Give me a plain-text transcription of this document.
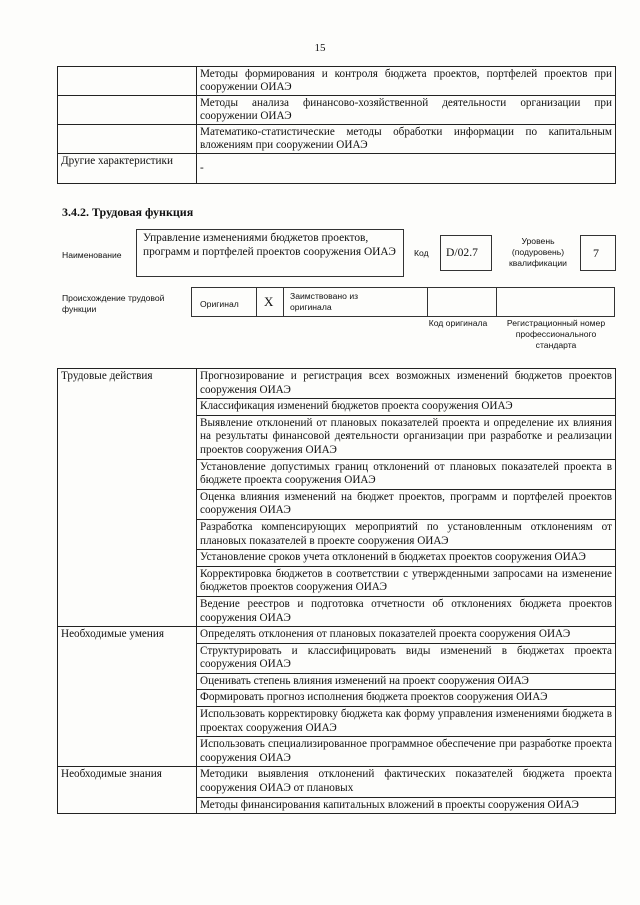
15
	Методы формирования и контроля бюджета проектов, портфелей проектов при сооружении ОИАЭ
	Методы анализа финансово-хозяйственной деятельности организации при сооружении ОИАЭ
	Математико-статистические методы обработки информации по капитальным вложениям при сооружении ОИАЭ
Другие характеристики	-
3.4.2. Трудовая функция
Наименование
Управление изменениями бюджетов проектов, программ и портфелей проектов сооружения ОИАЭ	Код	D/02.7
Уровень (подуровень) квалификации
7
Происхождение трудовой функции	Оригинал X Заимствовано из оригинала
Код оригинала	Регистрационный номер профессионального стандарта
Трудовые действия	Прогнозирование и регистрация всех возможных изменений бюджетов проектов сооружения ОИАЭ
	Классификация изменений бюджетов проекта сооружения ОИАЭ
	Выявление отклонений от плановых показателей проекта и определение их влияния на результаты финансовой деятельности организации при разработке и реализации проектов сооружения ОИАЭ
	Установление допустимых границ отклонений от плановых показателей проекта в бюджете проекта сооружения ОИАЭ
	Оценка влияния изменений на бюджет проектов, программ и портфелей проектов сооружения ОИАЭ
	Разработка компенсирующих мероприятий по установленным отклонениям от плановых показателей в проекте сооружения ОИАЭ
	Установление сроков учета отклонений в бюджетах проектов сооружения ОИАЭ
	Корректировка бюджетов в соответствии с утвержденными запросами на изменение бюджетов проектов сооружения ОИАЭ
	Ведение реестров и подготовка отчетности об отклонениях бюджета проектов сооружения ОИАЭ
Необходимые умения	Определять отклонения от плановых показателей проекта сооружения ОИАЭ
	Структурировать и классифицировать виды изменений в бюджетах проекта сооружения ОИАЭ
	Оценивать степень влияния изменений на проект сооружения ОИАЭ
	Формировать прогноз исполнения бюджета проектов сооружения ОИАЭ
	Использовать корректировку бюджета как форму управления изменениями бюджета в проектах сооружения ОИАЭ
	Использовать специализированное программное обеспечение при разработке проекта сооружения ОИАЭ
Необходимые знания	Методики выявления отклонений фактических показателей бюджета проекта сооружения ОИАЭ от плановых
	Методы финансирования капитальных вложений в проекты сооружения ОИАЭ
